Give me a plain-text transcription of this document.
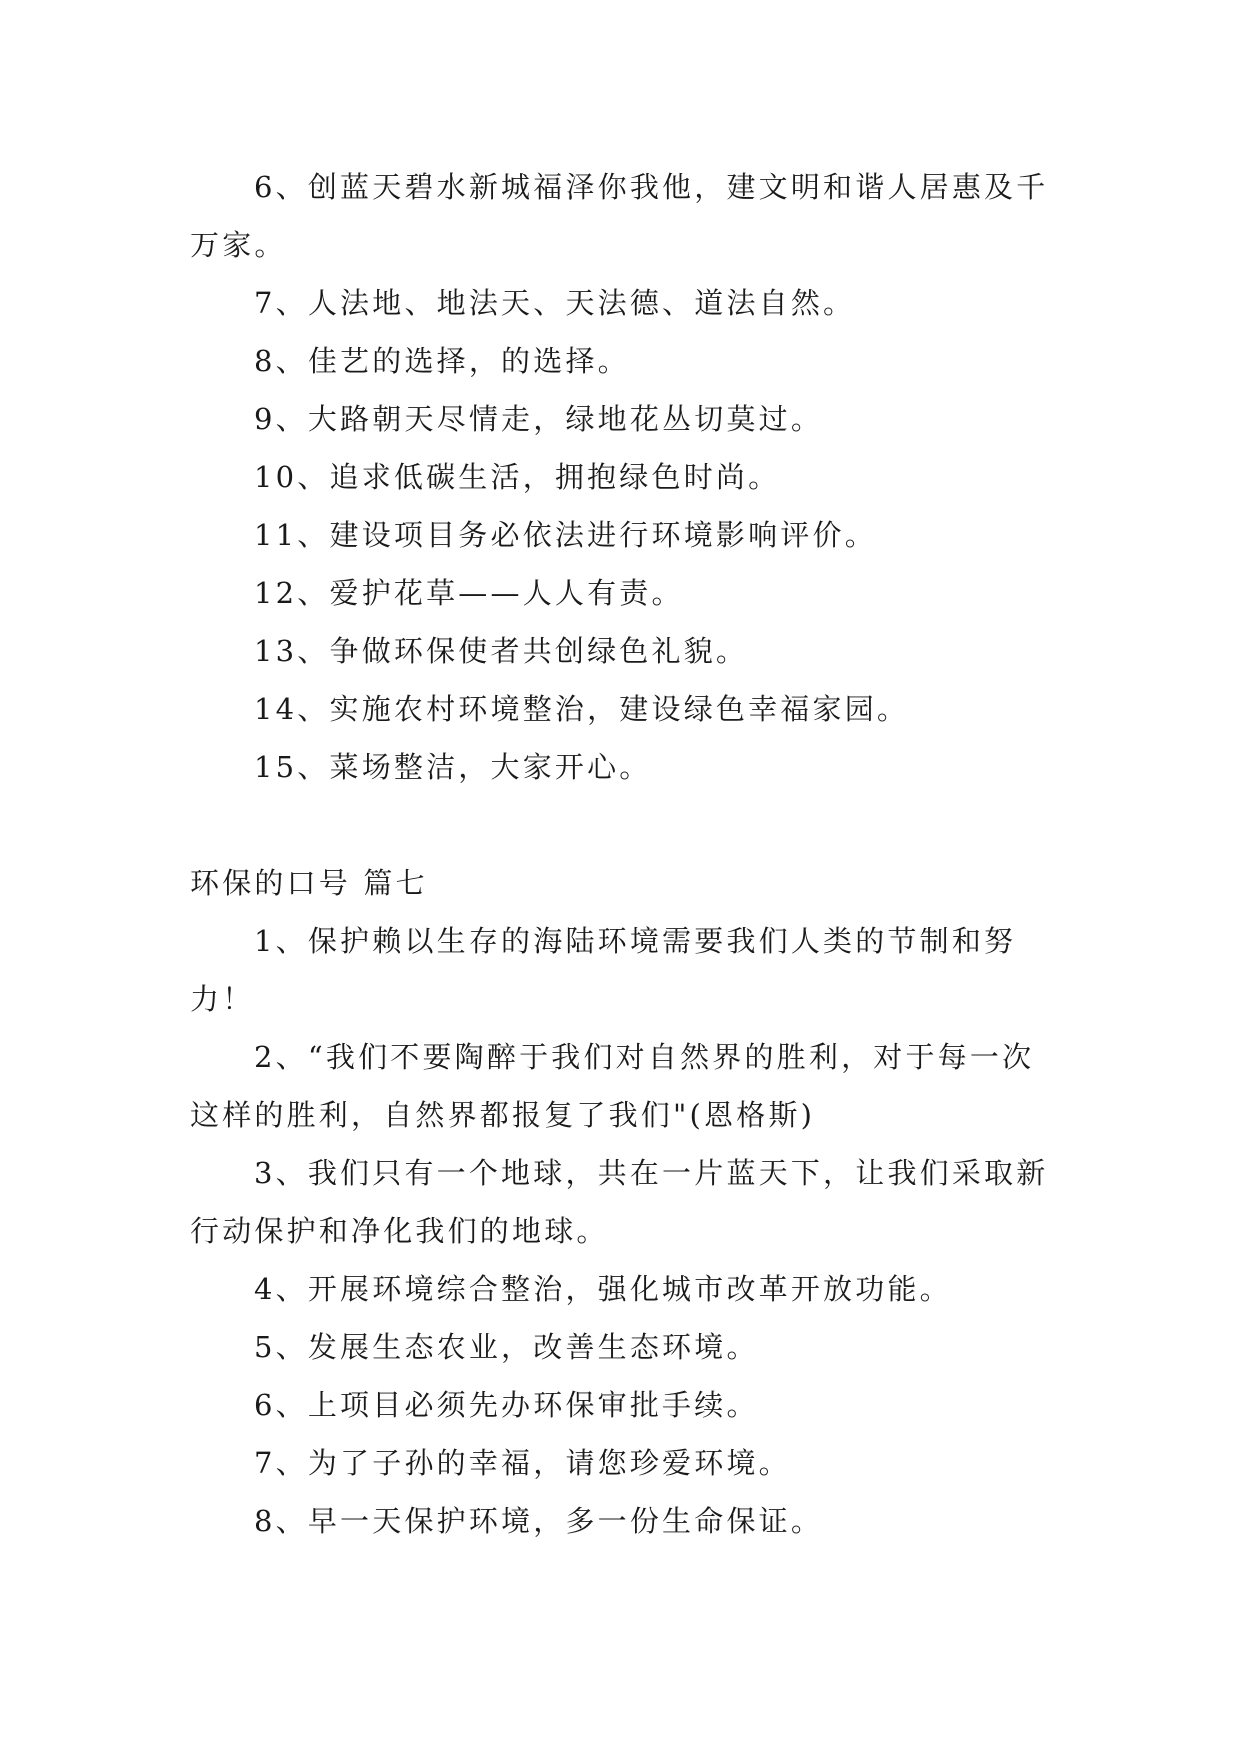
6、创蓝天碧水新城福泽你我他，建文明和谐人居惠及千万家。

7、人法地、地法天、天法德、道法自然。

8、佳艺的选择，的选择。

9、大路朝天尽情走，绿地花丛切莫过。

10、追求低碳生活，拥抱绿色时尚。

11、建设项目务必依法进行环境影响评价。

12、爱护花草——人人有责。

13、争做环保使者共创绿色礼貌。

14、实施农村环境整治，建设绿色幸福家园。

15、菜场整洁，大家开心。

环保的口号 篇七

1、保护赖以生存的海陆环境需要我们人类的节制和努力！

2、“我们不要陶醉于我们对自然界的胜利，对于每一次这样的胜利，自然界都报复了我们"(恩格斯)

3、我们只有一个地球，共在一片蓝天下，让我们采取新行动保护和净化我们的地球。

4、开展环境综合整治，强化城市改革开放功能。

5、发展生态农业，改善生态环境。

6、上项目必须先办环保审批手续。

7、为了子孙的幸福，请您珍爱环境。

8、早一天保护环境，多一份生命保证。
